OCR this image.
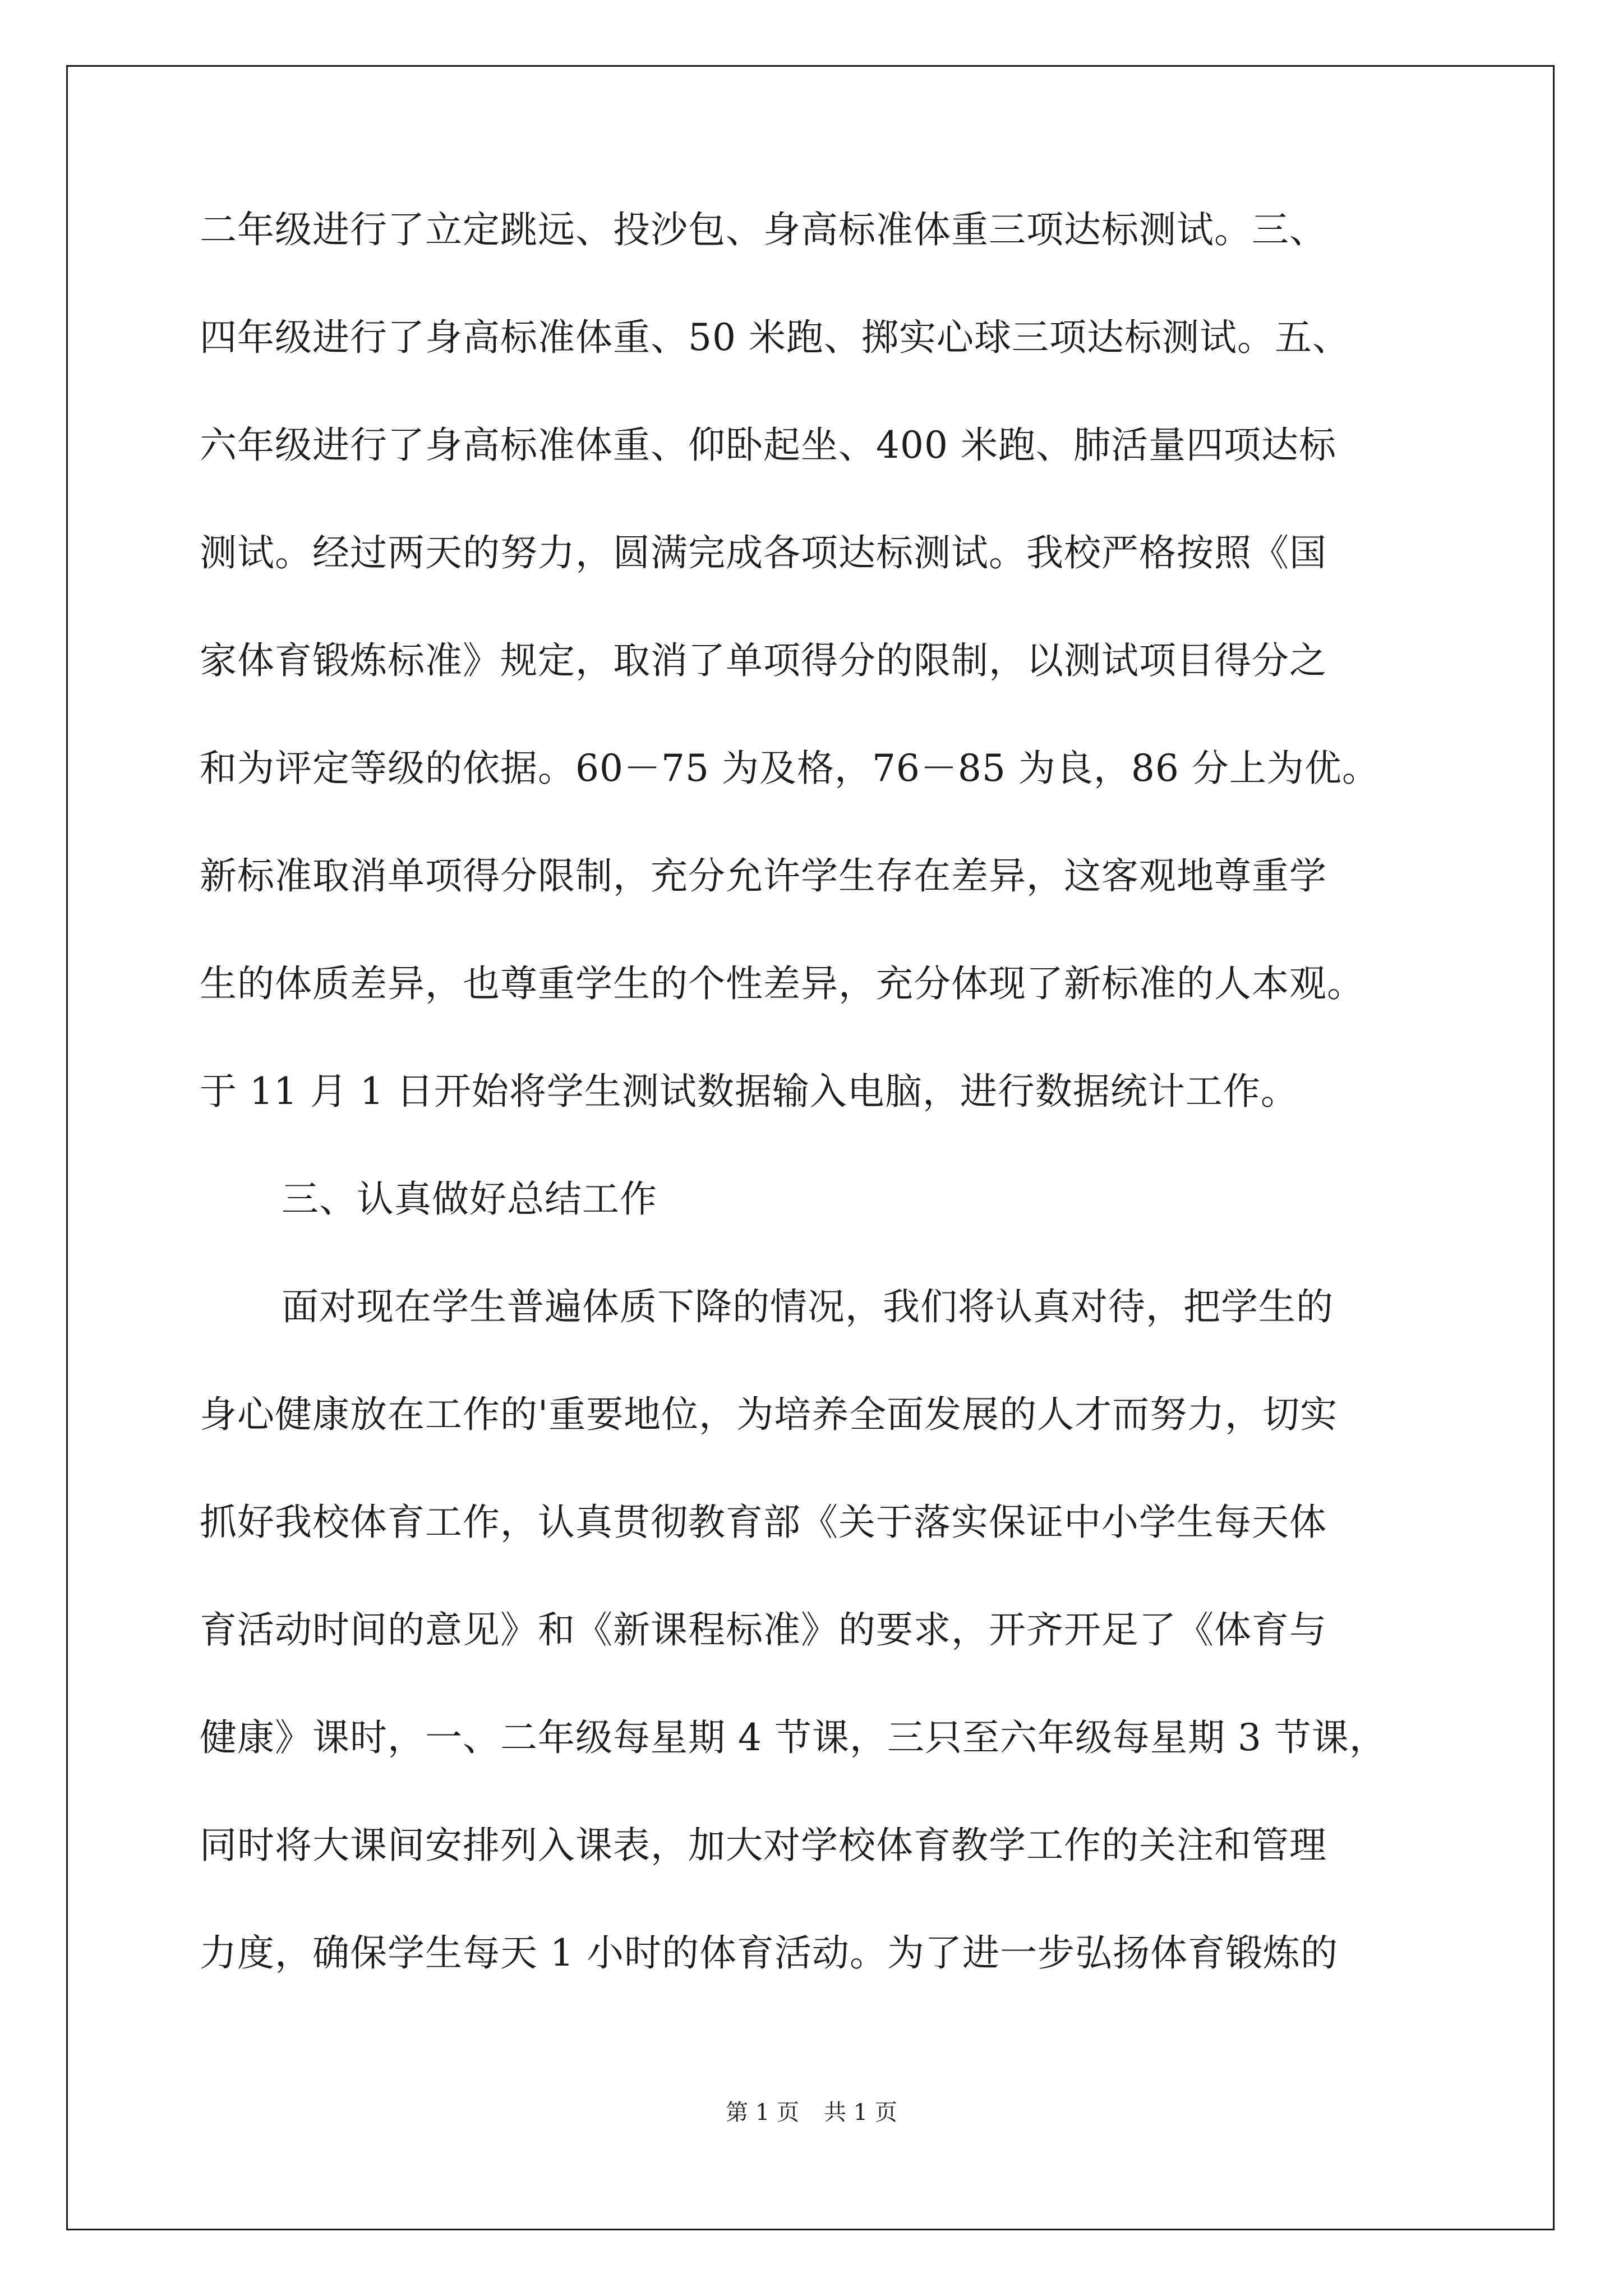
二年级进行了立定跳远、投沙包、身高标准体重三项达标测试。三、
四年级进行了身高标准体重、50 米跑、掷实心球三项达标测试。五、
六年级进行了身高标准体重、仰卧起坐、400 米跑、肺活量四项达标
测试。经过两天的努力，圆满完成各项达标测试。我校严格按照《国
家体育锻炼标准》规定，取消了单项得分的限制，以测试项目得分之
和为评定等级的依据。60－75 为及格，76－85 为良，86 分上为优。
新标准取消单项得分限制，充分允许学生存在差异，这客观地尊重学
生的体质差异，也尊重学生的个性差异，充分体现了新标准的人本观。
于 11 月 1 日开始将学生测试数据输入电脑，进行数据统计工作。
三、认真做好总结工作
面对现在学生普遍体质下降的情况，我们将认真对待，把学生的
身心健康放在工作的'重要地位，为培养全面发展的人才而努力，切实
抓好我校体育工作，认真贯彻教育部《关于落实保证中小学生每天体
育活动时间的意见》和《新课程标准》的要求，开齐开足了《体育与
健康》课时，一、二年级每星期 4 节课，三只至六年级每星期 3 节课，
同时将大课间安排列入课表，加大对学校体育教学工作的关注和管理
力度，确保学生每天 1 小时的体育活动。为了进一步弘扬体育锻炼的
第 1 页 共 1 页
